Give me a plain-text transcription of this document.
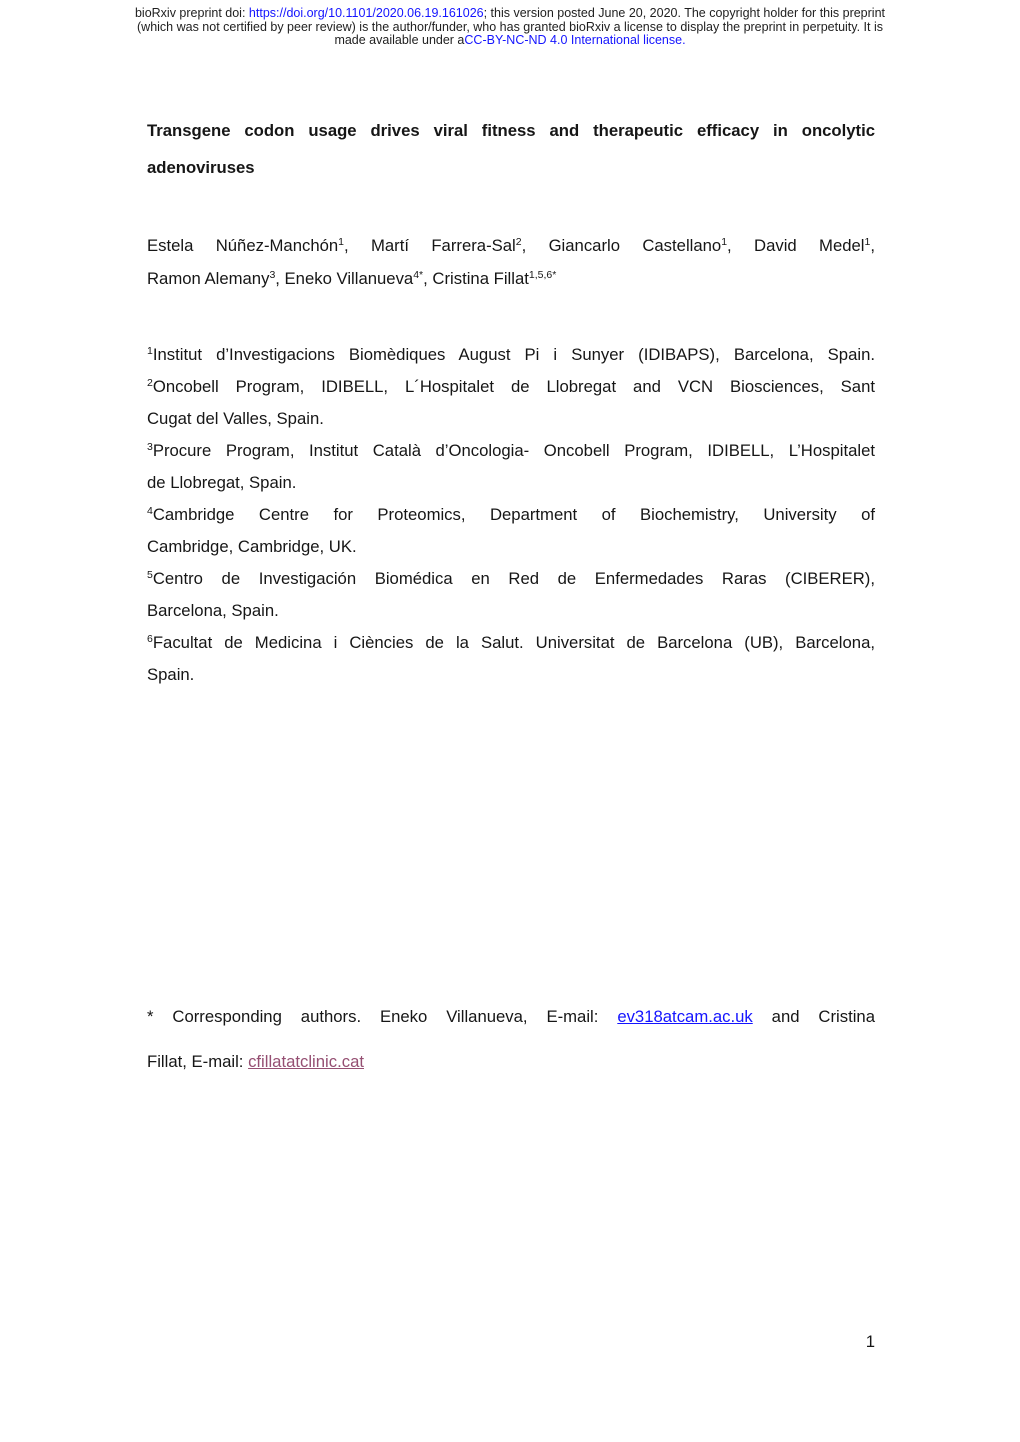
bioRxiv preprint doi: https://doi.org/10.1101/2020.06.19.161026; this version posted June 20, 2020. The copyright holder for this preprint
(which was not certified by peer review) is the author/funder, who has granted bioRxiv a license to display the preprint in perpetuity. It is
made available under aCC-BY-NC-ND 4.0 International license.

Transgene codon usage drives viral fitness and therapeutic efficacy in oncolytic

adenoviruses

Estela Núñez-Manchón$^1$, Martí Farrera-Sal$^2$, Giancarlo Castellano$^1$, David Medel$^1$,

Ramon Alemany$^3$, Eneko Villanueva$^{4*}$, Cristina Fillat$^{1,5,6*}$

$^1$Institut d’Investigacions Biomèdiques August Pi i Sunyer (IDIBAPS), Barcelona, Spain.

$^2$Oncobell Program, IDIBELL, L´Hospitalet de Llobregat and VCN Biosciences, Sant

Cugat del Valles, Spain.

$^3$Procure Program, Institut Català d’Oncologia- Oncobell Program, IDIBELL, L’Hospitalet

de Llobregat, Spain.

$^4$Cambridge Centre for Proteomics, Department of Biochemistry, University of

Cambridge, Cambridge, UK.

$^5$Centro de Investigación Biomédica en Red de Enfermedades Raras (CIBERER),

Barcelona, Spain.

$^6$Facultat de Medicina i Ciències de la Salut. Universitat de Barcelona (UB), Barcelona,

Spain.

* Corresponding authors. Eneko Villanueva, E-mail: ev318atcam.ac.uk and Cristina

Fillat, E-mail: cfillatatclinic.cat

1
